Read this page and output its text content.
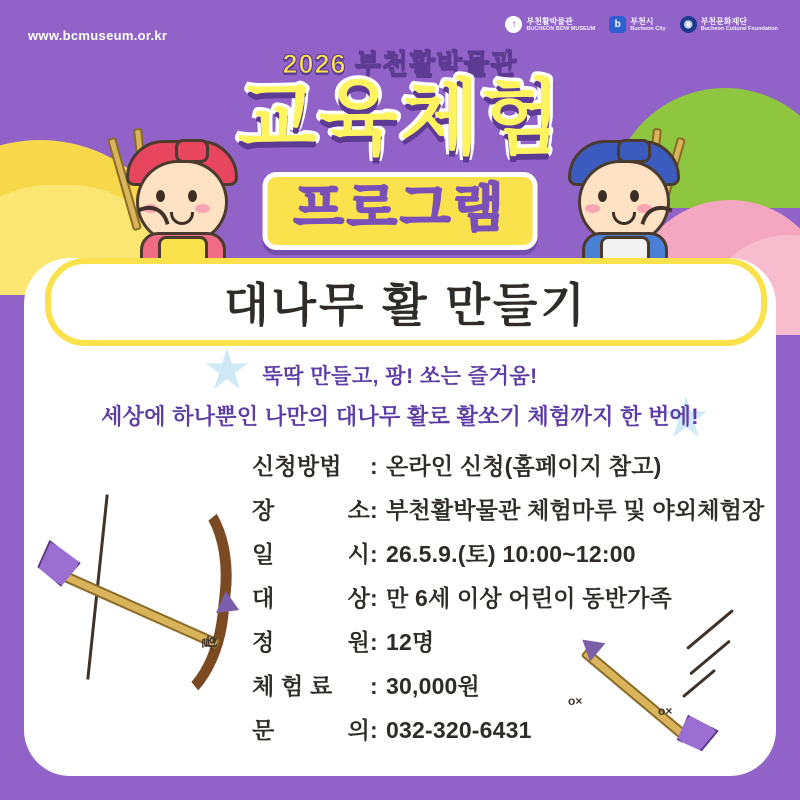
www.bcmuseum.or.kr
↑	부천활박물관
BUCHEON BOW MUSEUM	b	부천시
Bucheon City	◉	부천문화재단
Bucheon Cultural Foundation
2026 부천활박물관
교육체험
프로그램
대나무 활 만들기
뚝딱 만들고, 팡! 쏘는 즐거움!
세상에 하나뿐인 나만의 대나무 활로 활쏘기 체험까지 한 번에!
신청방법 : 온라인 신청(홈페이지 참고)
장	소 : 부천활박물관 체험마루 및 야외체험장
일	시 : 26.5.9.(토) 10:00~12:00
대	상 : 만 6세 이상 어린이 동반가족
정	원 : 12명
체 험 료 : 30,000원
문	의 : 032-320-6431
활
o×
o×
